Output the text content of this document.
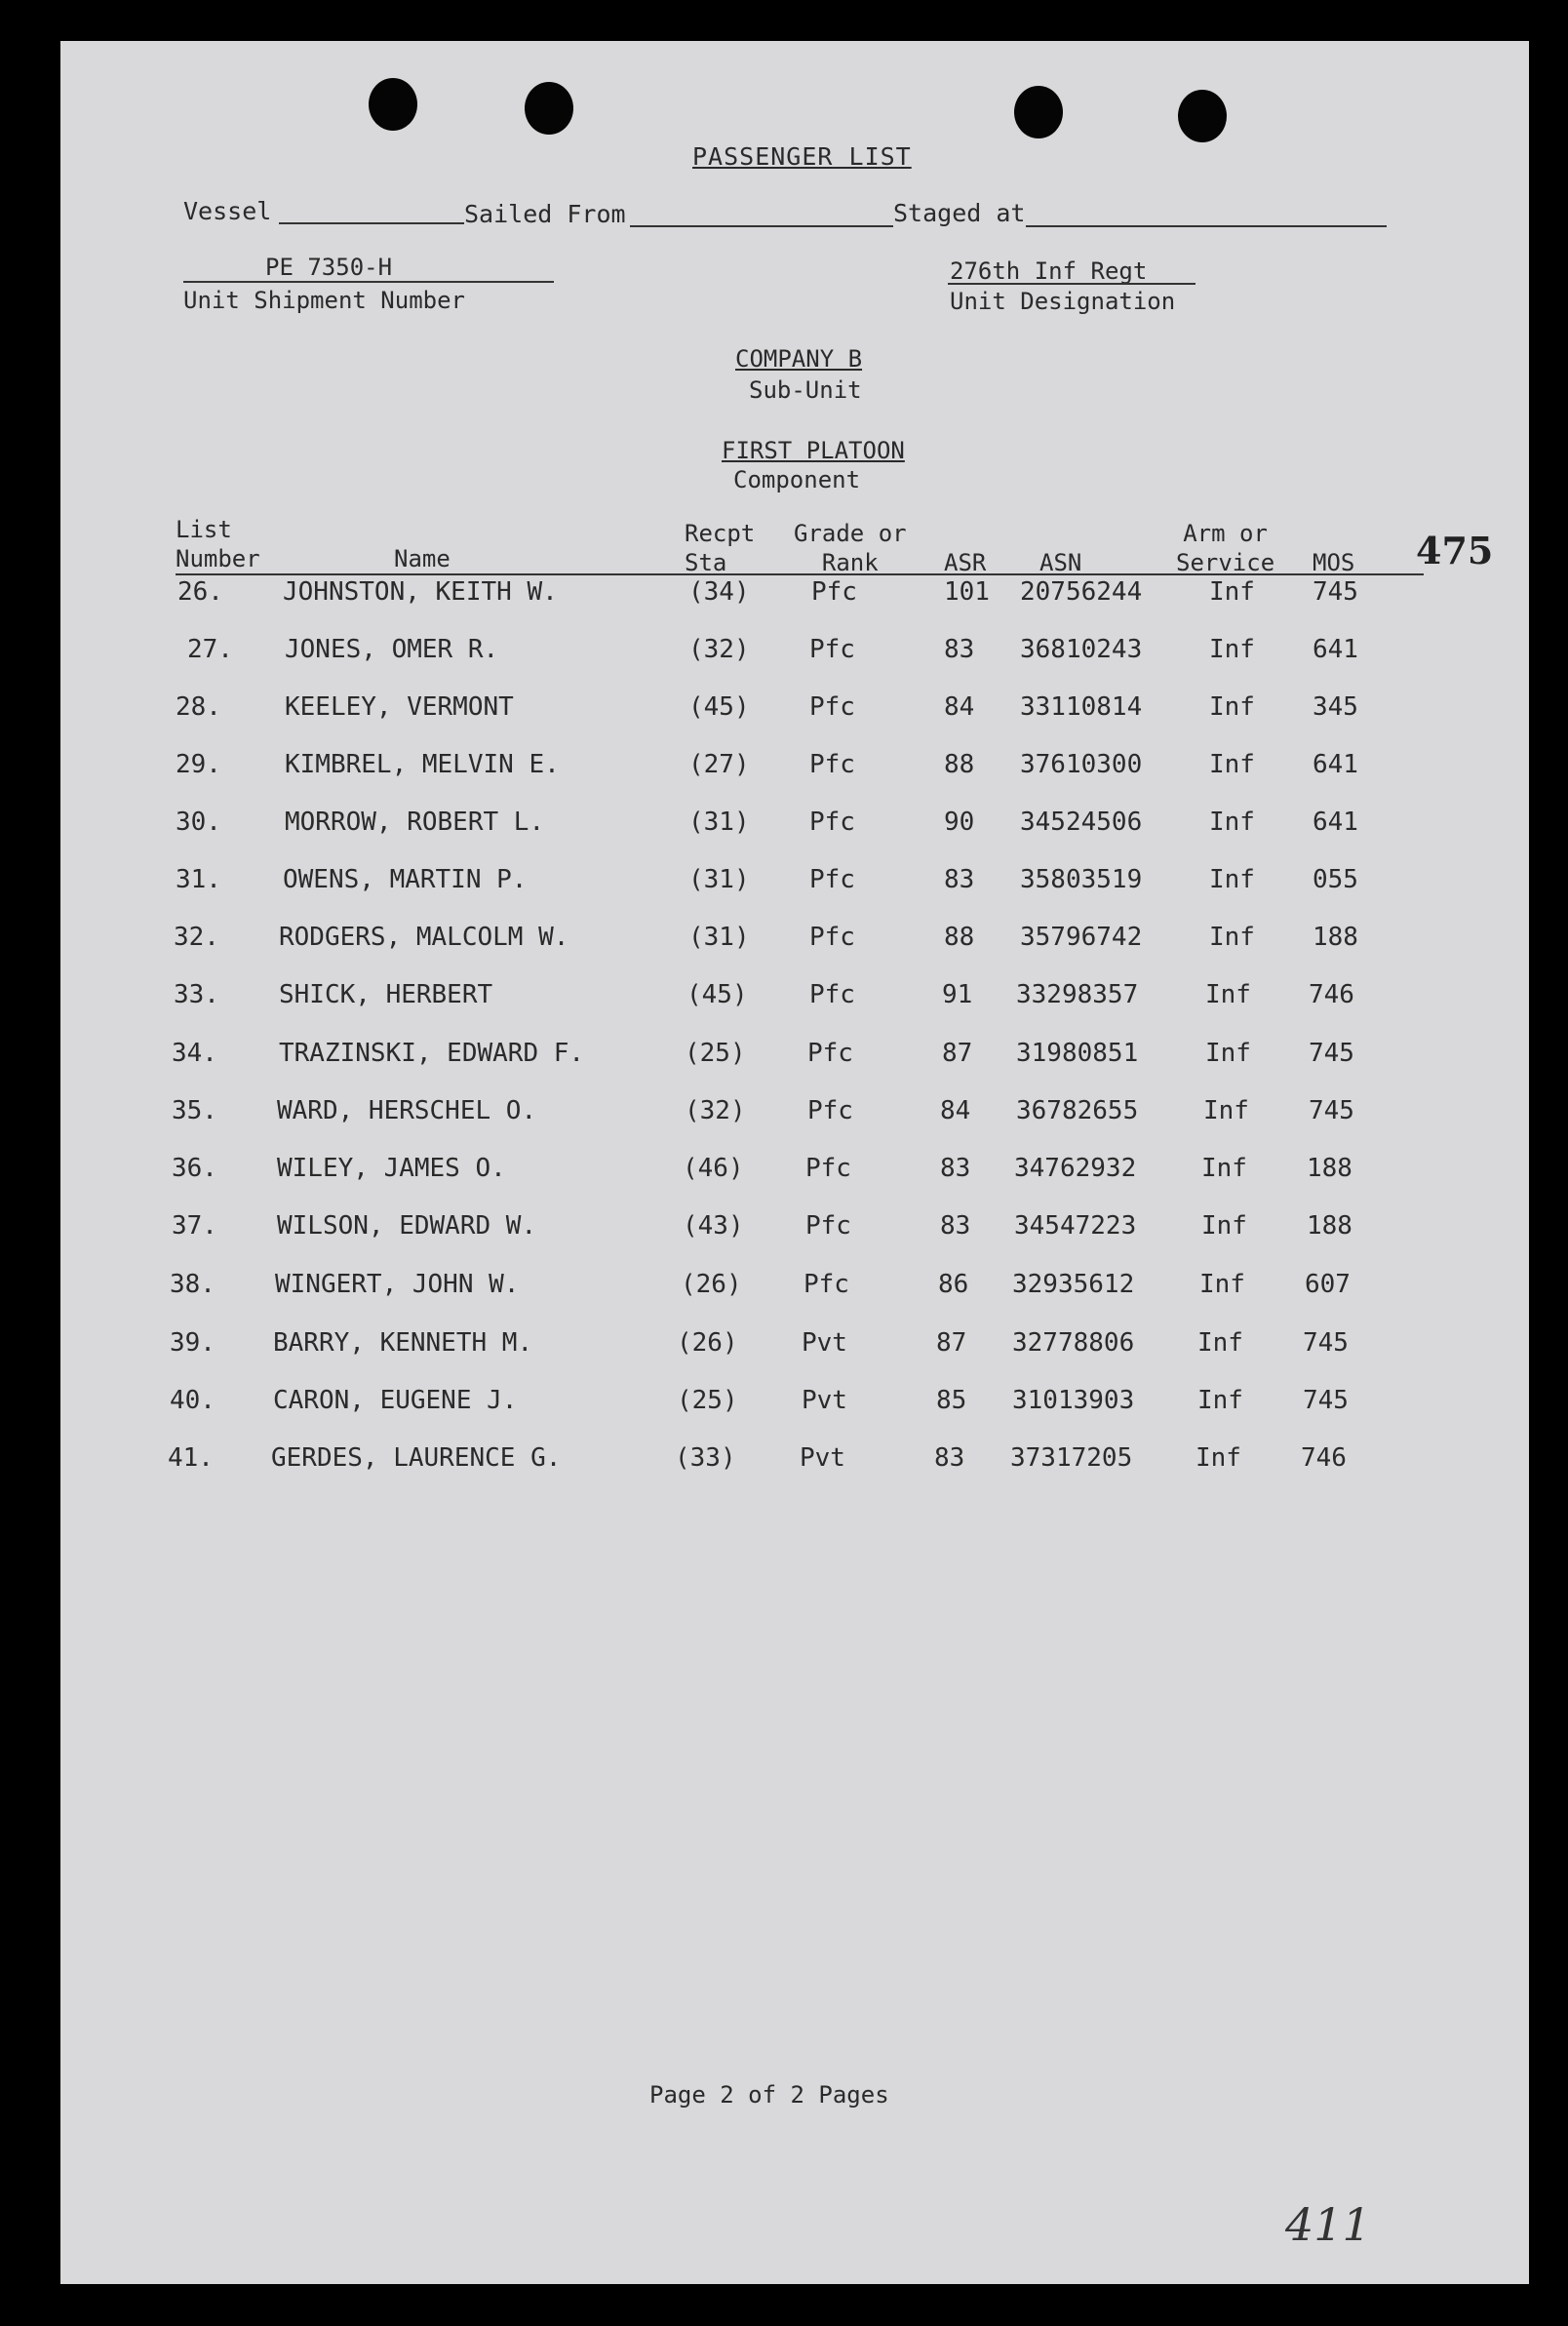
PASSENGER LIST
Vessel	Sailed From	Staged at
PE 7350-H
Unit Shipment Number
276th Inf Regt
Unit Designation
COMPANY B
Sub-Unit
FIRST PLATOON
Component
475
List
Number	Name
Recpt
Sta
Grade or
Rank	ASR ASN
Arm or
Service MOS
26. JOHNSTON, KEITH W.	(34) Pfc	101 20756244	Inf 745
27. JONES, OMER R.	(32) Pfc	83 36810243	Inf 641
28.	KEELEY, VERMONT	(45) Pfc	84 33110814	Inf 345
29.	KIMBREL, MELVIN E.	(27) Pfc	88 37610300	Inf 641
30.	MORROW, ROBERT L.	(31) Pfc	90 34524506	Inf 641
31. OWENS, MARTIN P.	(31) Pfc	83 35803519	Inf 055
32. RODGERS, MALCOLM W.	(31) Pfc	88 35796742	Inf 188
33. SHICK, HERBERT	(45) Pfc	91 33298357	Inf 746
34. TRAZINSKI, EDWARD F.	(25) Pfc	87 31980851	Inf 745
35. WARD, HERSCHEL O.	(32) Pfc	84 36782655	Inf 745
36. WILEY, JAMES O.	(46) Pfc	83 34762932	Inf 188
37. WILSON, EDWARD W.	(43) Pfc	83 34547223	Inf 188
38. WINGERT, JOHN W.	(26) Pfc	86 32935612	Inf 607
39. BARRY, KENNETH M.	(26)	Pvt	87 32778806 Inf 745
40. CARON, EUGENE J.	(25)	Pvt	85 31013903 Inf 745
41. GERDES, LAURENCE G.	(33)	Pvt	83 37317205 Inf 746
Page 2 of 2 Pages
411
